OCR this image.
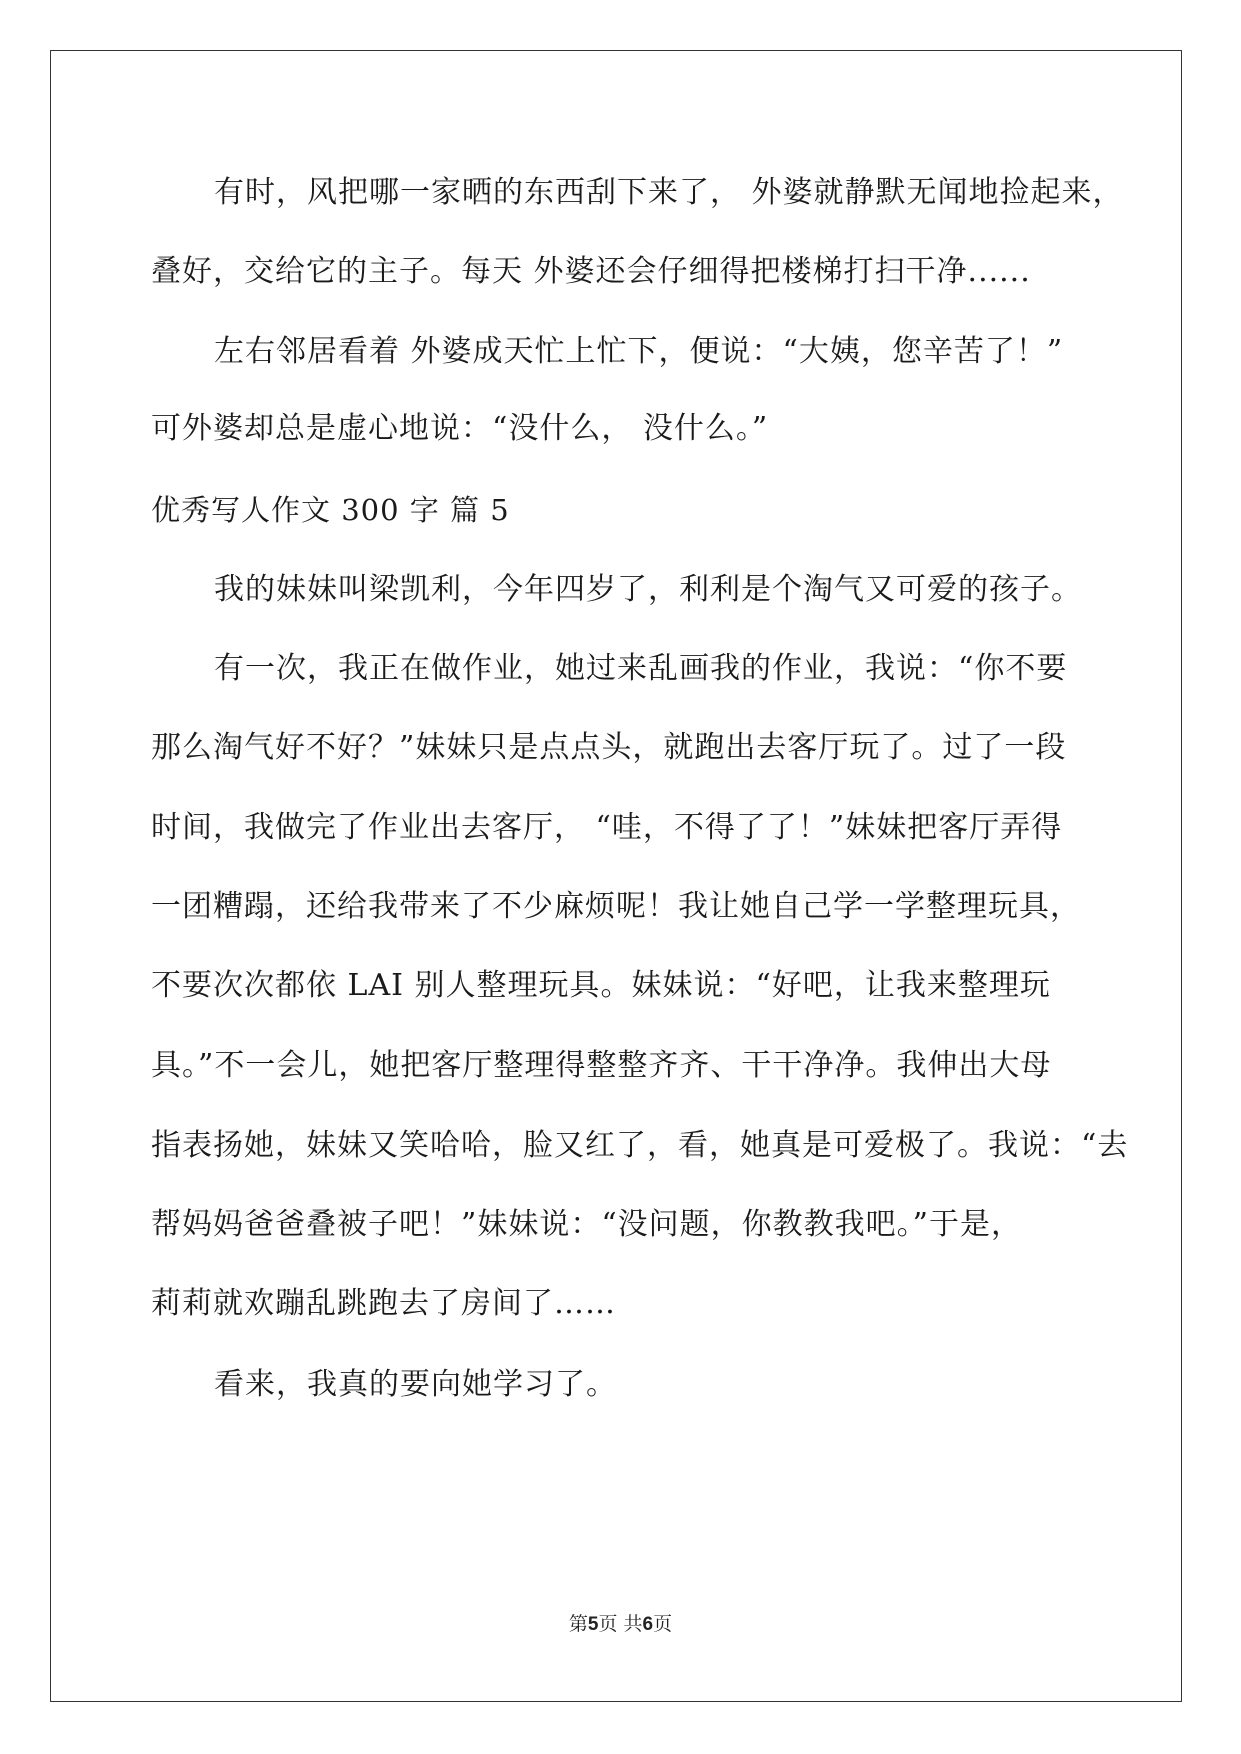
有时，风把哪一家晒的东西刮下来了， 外婆就静默无闻地捡起来，
叠好，交给它的主子。每天 外婆还会仔细得把楼梯打扫干净......
左右邻居看着 外婆成天忙上忙下，便说：“大姨，您辛苦了！”
可外婆却总是虚心地说：“没什么， 没什么。”
优秀写人作文 300 字 篇 5
我的妹妹叫梁凯利，今年四岁了，利利是个淘气又可爱的孩子。
有一次，我正在做作业，她过来乱画我的作业，我说：“你不要
那么淘气好不好？”妹妹只是点点头，就跑出去客厅玩了。过了一段
时间，我做完了作业出去客厅， “哇，不得了了！”妹妹把客厅弄得
一团糟蹋，还给我带来了不少麻烦呢！我让她自己学一学整理玩具，
不要次次都依 LAI 别人整理玩具。妹妹说：“好吧，让我来整理玩
具。”不一会儿，她把客厅整理得整整齐齐、干干净净。我伸出大母
指表扬她，妹妹又笑哈哈，脸又红了，看，她真是可爱极了。我说：“去
帮妈妈爸爸叠被子吧！”妹妹说：“没问题，你教教我吧。”于是，
莉莉就欢蹦乱跳跑去了房间了……
看来，我真的要向她学习了。
第5页 共6页
